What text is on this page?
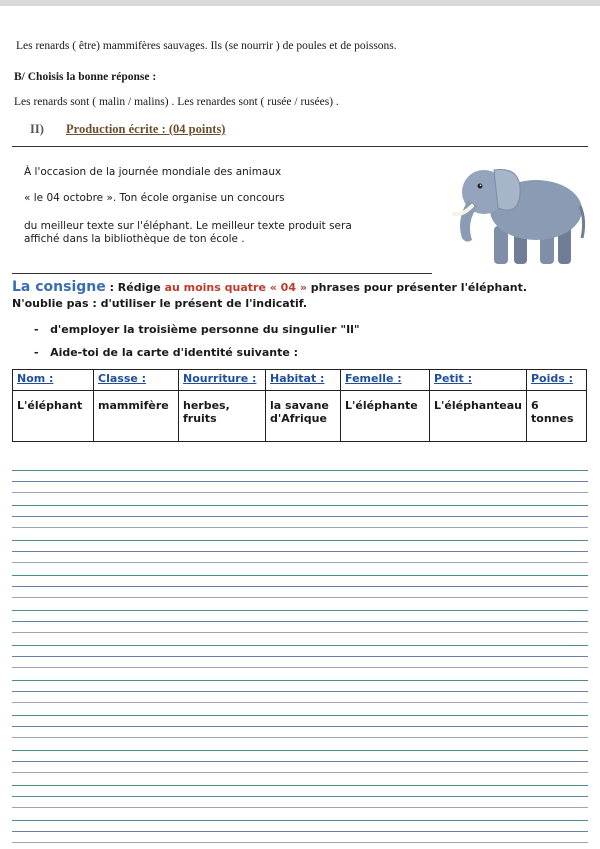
Les renards ( être) mammifères sauvages. Ils (se nourrir ) de poules et de poissons.
B/ Choisis la bonne réponse :
Les renards sont ( malin / malins) . Les renardes sont ( rusée / rusées) .
II) Production écrite : (04 points)
À l'occasion de la journée mondiale des animaux
« le 04 octobre ». Ton école organise un concours
du meilleur texte sur l'éléphant. Le meilleur texte produit sera
affiché dans la bibliothèque de ton école .
La consigne : Rédige au moins quatre « 04 » phrases pour présenter l'éléphant.
N'oublie pas : d'utiliser le présent de l'indicatif.
-   d'employer la troisième personne du singulier "Il"
-   Aide-toi de la carte d'identité suivante :
Nom :	Classe :	Nourriture :	Habitat :	Femelle :	Petit :	Poids :
L'éléphant	mammifère	herbes, fruits	la savane d'Afrique	L'éléphante	L'éléphanteau	6 tonnes
